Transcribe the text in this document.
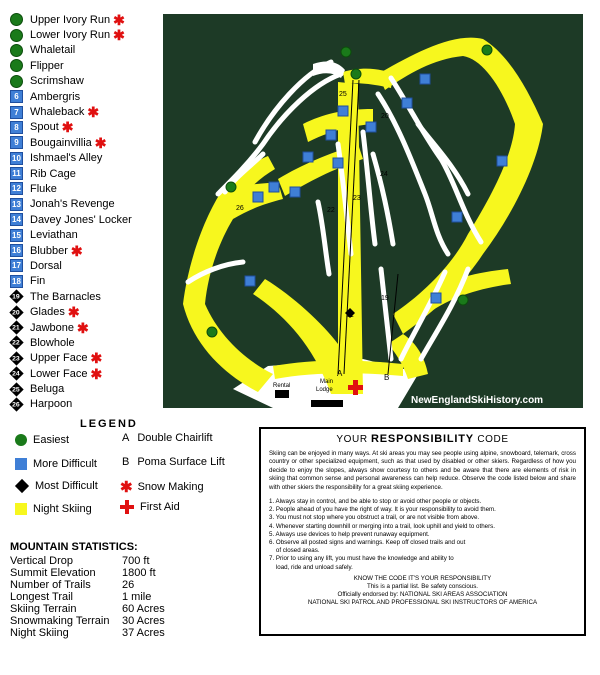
Upper Ivory Run ✱
Lower Ivory Run ✱
Whaletail
Flipper
Scrimshaw
6	Ambergris
7	Whaleback ✱
8	Spout ✱
9	Bougainvillia ✱
10 Ishmael's Alley
11 Rib Cage
12 Fluke
13 Jonah's Revenge
14 Davey Jones' Locker
15 Leviathan
16 Blubber ✱
17 Dorsal
18 Fin
19 The Barnacles
20 Glades ✱
21 Jawbone ✱
22 Blowhole
23 Upper Face ✱
24 Lower Face ✱
25 Beluga
26 Harpoon
A	B
25
20
24
22
23
26
19
21
Rental
Shop
Main
Lodge
NewEnglandSkiHistory.com
LEGEND
Easiest
More Difficult
Most Difficult
Night Skiing
A Double Chairlift
B Poma Surface Lift
✱ Snow Making
First Aid
MOUNTAIN STATISTICS:
Vertical Drop	700 ft
Summit Elevation	1800 ft
Number of Trails	26
Longest Trail	1 mile
Skiing Terrain	60 Acres
Snowmaking Terrain	30 Acres
Night Skiing	37 Acres
YOUR RESPONSIBILITY CODE
Skiing can be enjoyed in many ways. At ski areas you may see people using alpine, snowboard, telemark, cross country or other specialized equipment, such as that used by disabled or other skiers. Regardless of how you decide to enjoy the slopes, always show courtesy to others and be aware that there are elements of risk in skiing that common sense and personal awareness can help reduce. Observe the code listed below and share with other skiers the responsibility for a great skiing experience.
1. Always stay in control, and be able to stop or avoid other people or objects.
2. People ahead of you have the right of way. It is your responsibility to avoid them.
3. You must not stop where you obstruct a trail, or are not visible from above.
4. Whenever starting downhill or merging into a trail, look uphill and yield to others.
5. Always use devices to help prevent runaway equipment.
6. Observe all posted signs and warnings. Keep off closed trails and out
of closed areas.
7. Prior to using any lift, you must have the knowledge and ability to
load, ride and unload safely.
KNOW THE CODE IT'S YOUR RESPONSIBILITY
This is a partial list. Be safety conscious.
Officially endorsed by: NATIONAL SKI AREAS ASSOCIATION
NATIONAL SKI PATROL AND PROFESSIONAL SKI INSTRUCTORS OF AMERICA
